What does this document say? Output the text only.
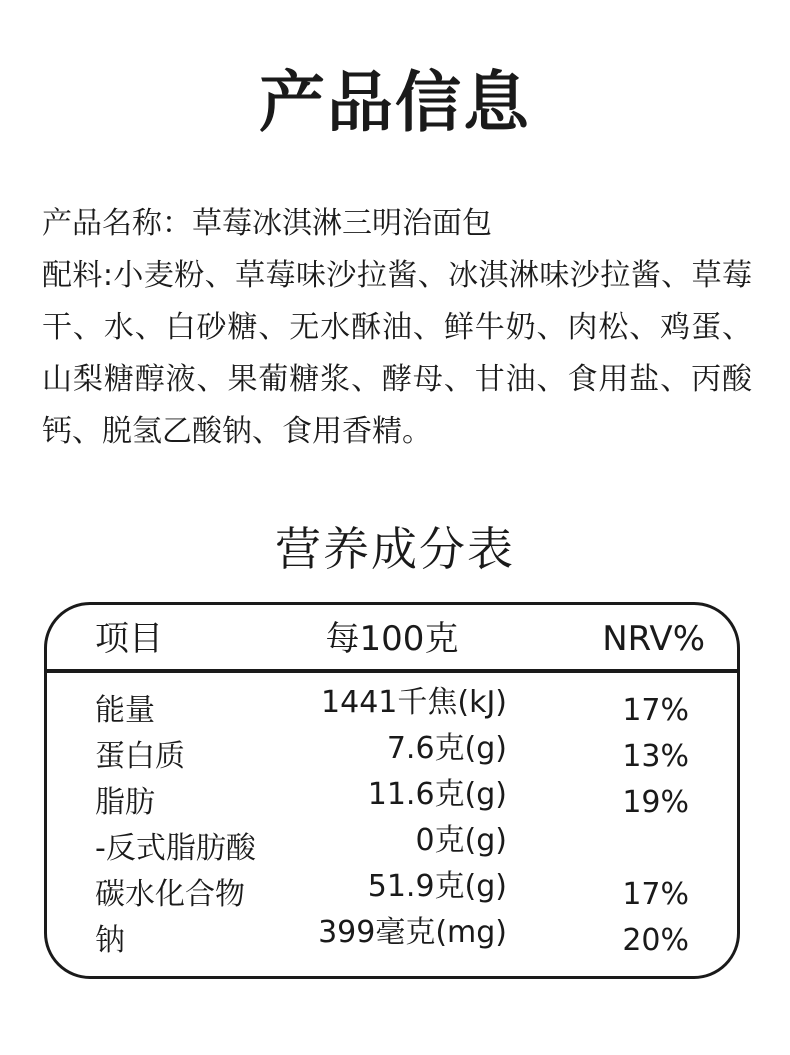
产品信息
产品名称：草莓冰淇淋三明治面包
配料:小麦粉、草莓味沙拉酱、冰淇淋味沙拉酱、草莓干、水、白砂糖、无水酥油、鲜牛奶、肉松、鸡蛋、山梨糖醇液、果葡糖浆、酵母、甘油、食用盐、丙酸钙、脱氢乙酸钠、食用香精。
营养成分表
项目	每100克	NRV%
能量	1441千焦(kJ)	17%
蛋白质	7.6克(g)	13%
脂肪	11.6克(g)	19%
-反式脂肪酸	0克(g)
碳水化合物	51.9克(g)	17%
钠	399毫克(mg)	20%
